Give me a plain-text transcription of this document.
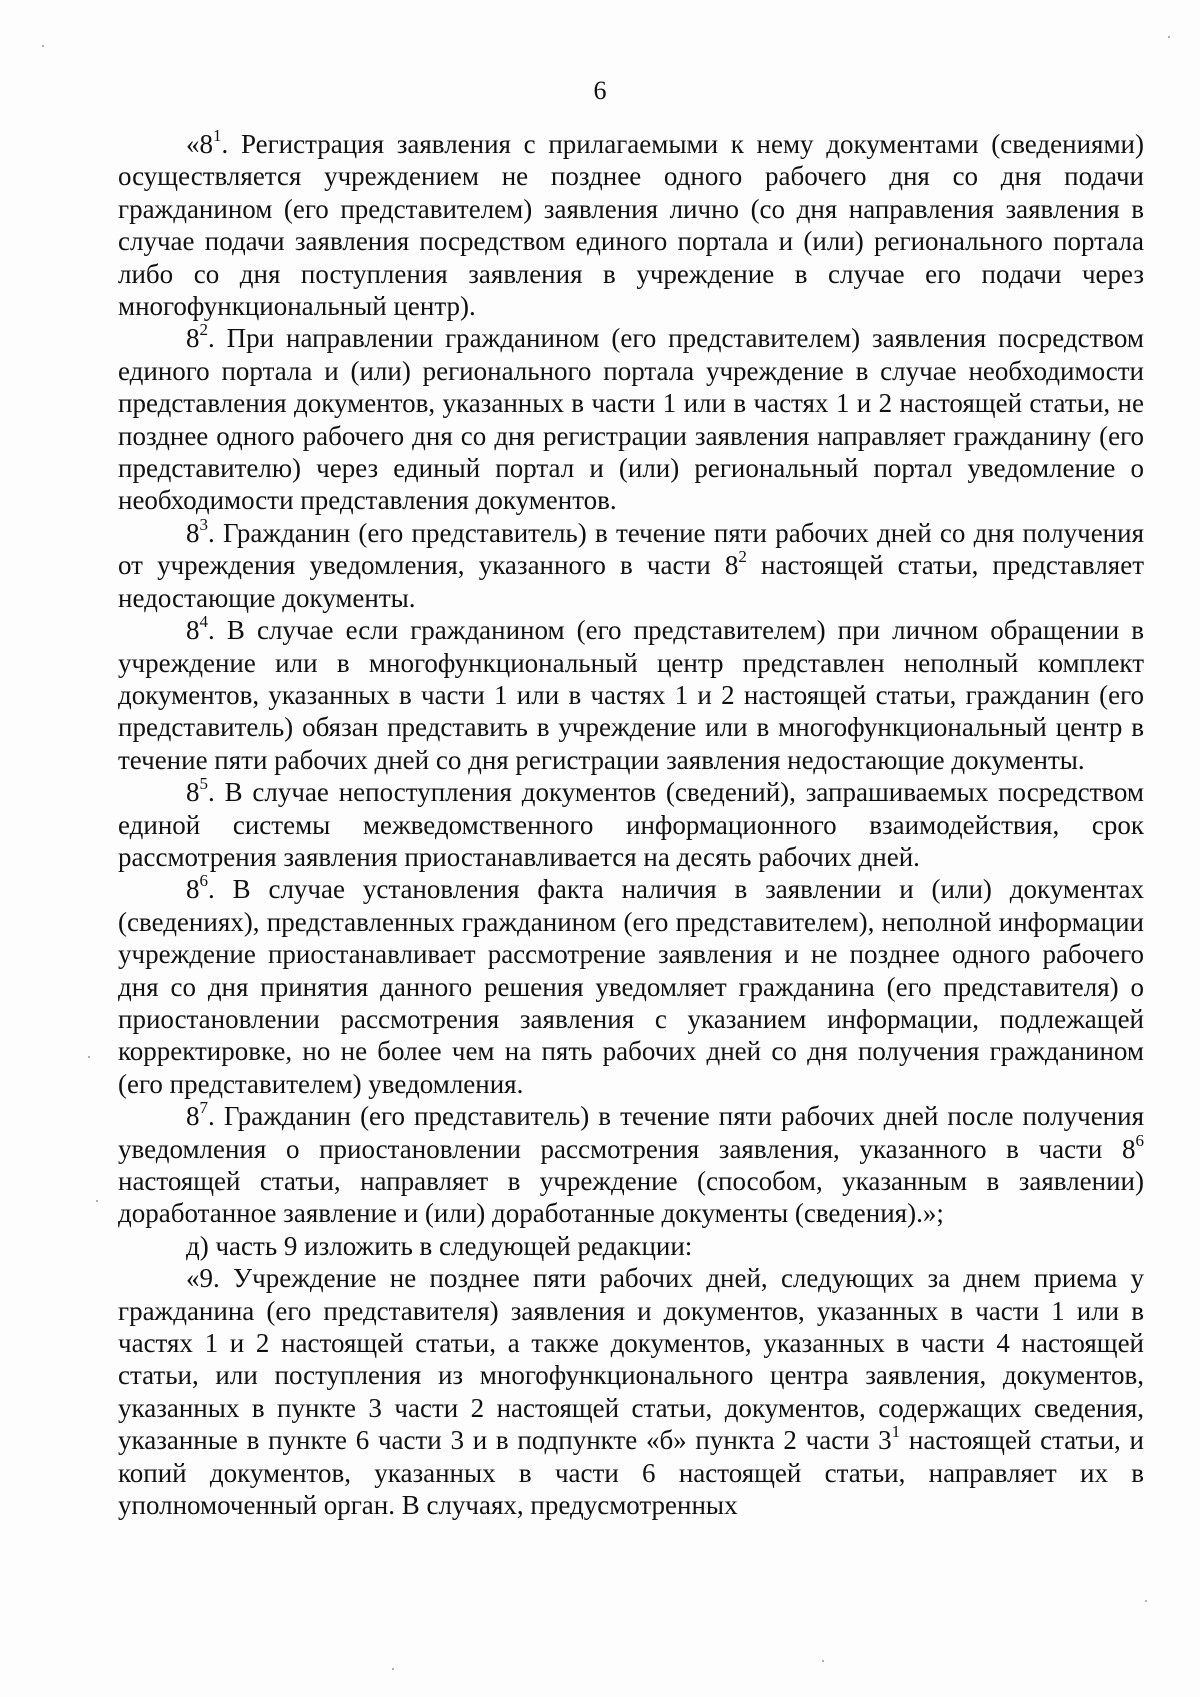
6

«$8^1$. Регистрация заявления с прилагаемыми к нему документами (сведениями) осуществляется учреждением не позднее одного рабочего дня со дня подачи гражданином (его представителем) заявления лично (со дня направления заявления в случае подачи заявления посредством единого портала и (или) регионального портала либо со дня поступления заявления в учреждение в случае его подачи через многофункциональный центр).

$8^2$. При направлении гражданином (его представителем) заявления посредством единого портала и (или) регионального портала учреждение в случае необходимости представления документов, указанных в части 1 или в частях 1 и 2 настоящей статьи, не позднее одного рабочего дня со дня регистрации заявления направляет гражданину (его представителю) через единый портал и (или) региональный портал уведомление о необходимости представления документов.

$8^3$. Гражданин (его представитель) в течение пяти рабочих дней со дня получения от учреждения уведомления, указанного в части $8^2$ настоящей статьи, представляет недостающие документы.

$8^4$. В случае если гражданином (его представителем) при личном обращении в учреждение или в многофункциональный центр представлен неполный комплект документов, указанных в части 1 или в частях 1 и 2 настоящей статьи, гражданин (его представитель) обязан представить в учреждение или в многофункциональный центр в течение пяти рабочих дней со дня регистрации заявления недостающие документы.

$8^5$. В случае непоступления документов (сведений), запрашиваемых посредством единой системы межведомственного информационного взаимодействия, срок рассмотрения заявления приостанавливается на десять рабочих дней.

$8^6$. В случае установления факта наличия в заявлении и (или) документах (сведениях), представленных гражданином (его представителем), неполной информации учреждение приостанавливает рассмотрение заявления и не позднее одного рабочего дня со дня принятия данного решения уведомляет гражданина (его представителя) о приостановлении рассмотрения заявления с указанием информации, подлежащей корректировке, но не более чем на пять рабочих дней со дня получения гражданином (его представителем) уведомления.

$8^7$. Гражданин (его представитель) в течение пяти рабочих дней после получения уведомления о приостановлении рассмотрения заявления, указанного в части $8^6$ настоящей статьи, направляет в учреждение (способом, указанным в заявлении) доработанное заявление и (или) доработанные документы (сведения).»;

д) часть 9 изложить в следующей редакции:

«9. Учреждение не позднее пяти рабочих дней, следующих за днем приема у гражданина (его представителя) заявления и документов, указанных в части 1 или в частях 1 и 2 настоящей статьи, а также документов, указанных в части 4 настоящей статьи, или поступления из многофункционального центра заявления, документов, указанных в пункте 3 части 2 настоящей статьи, документов, содержащих сведения, указанные в пункте 6 части 3 и в подпункте «б» пункта 2 части $3^1$ настоящей статьи, и копий документов, указанных в части 6 настоящей статьи, направляет их в уполномоченный орган. В случаях, предусмотренных
